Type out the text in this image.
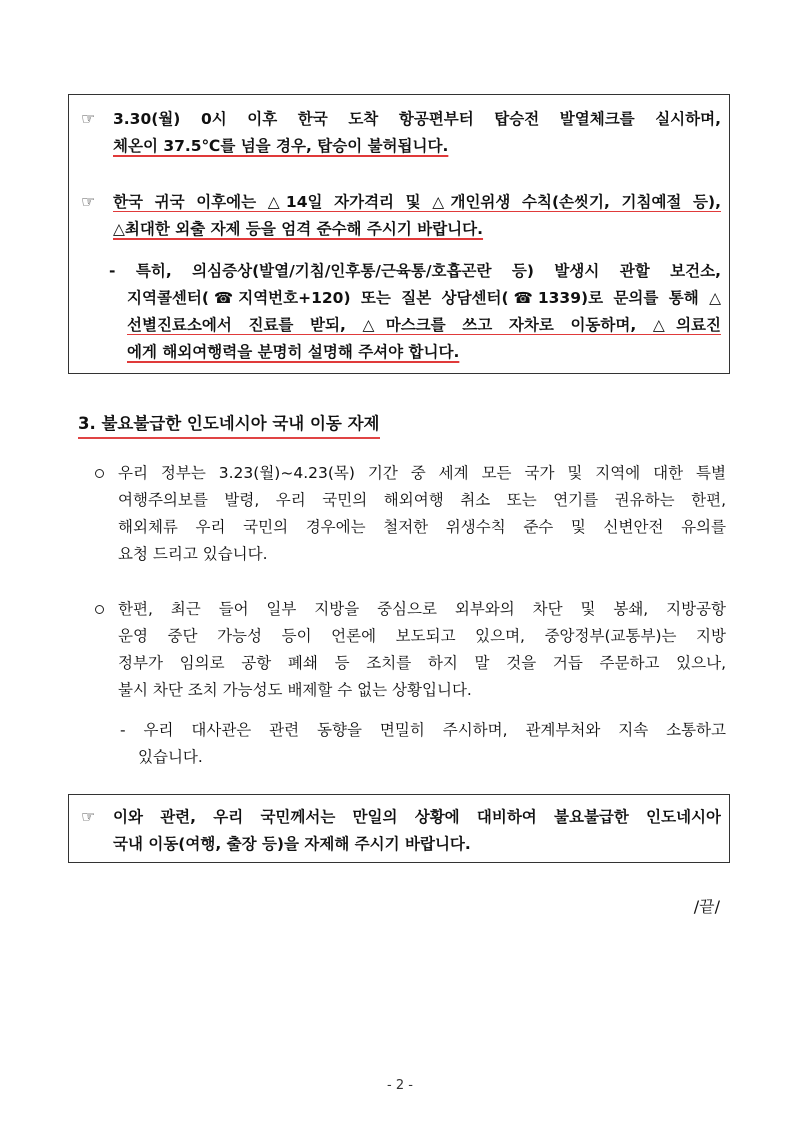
☞ 3.30(월) 0시 이후 한국 도착 항공편부터 탑승전 발열체크를 실시하며,
체온이 37.5℃를 넘을 경우, 탑승이 불허됩니다.
☞ 한국 귀국 이후에는 △14일 자가격리 및 △개인위생 수칙(손씻기, 기침예절 등),
△최대한 외출 자제 등을 엄격 준수해 주시기 바랍니다.
- 특히, 의심증상(발열/기침/인후통/근육통/호흡곤란 등) 발생시 관할 보건소,
지역콜센터(☎지역번호+120) 또는 질본 상담센터(☎1339)로 문의를 통해 △
선별진료소에서 진료를 받되, △마스크를 쓰고 자차로 이동하며, △의료진
에게 해외여행력을 분명히 설명해 주셔야 합니다.
3. 불요불급한 인도네시아 국내 이동 자제
우리 정부는 3.23(월)~4.23(목) 기간 중 세계 모든 국가 및 지역에 대한 특별
여행주의보를 발령, 우리 국민의 해외여행 취소 또는 연기를 권유하는 한편,
해외체류 우리 국민의 경우에는 철저한 위생수칙 준수 및 신변안전 유의를
요청 드리고 있습니다.
한편, 최근 들어 일부 지방을 중심으로 외부와의 차단 및 봉쇄, 지방공항
운영 중단 가능성 등이 언론에 보도되고 있으며, 중앙정부(교통부)는 지방
정부가 임의로 공항 폐쇄 등 조치를 하지 말 것을 거듭 주문하고 있으나,
불시 차단 조치 가능성도 배제할 수 없는 상황입니다.
- 우리 대사관은 관련 동향을 면밀히 주시하며, 관계부처와 지속 소통하고
있습니다.
☞ 이와 관련, 우리 국민께서는 만일의 상황에 대비하여 불요불급한 인도네시아
국내 이동(여행, 출장 등)을 자제해 주시기 바랍니다.
/끝/
- 2 -
